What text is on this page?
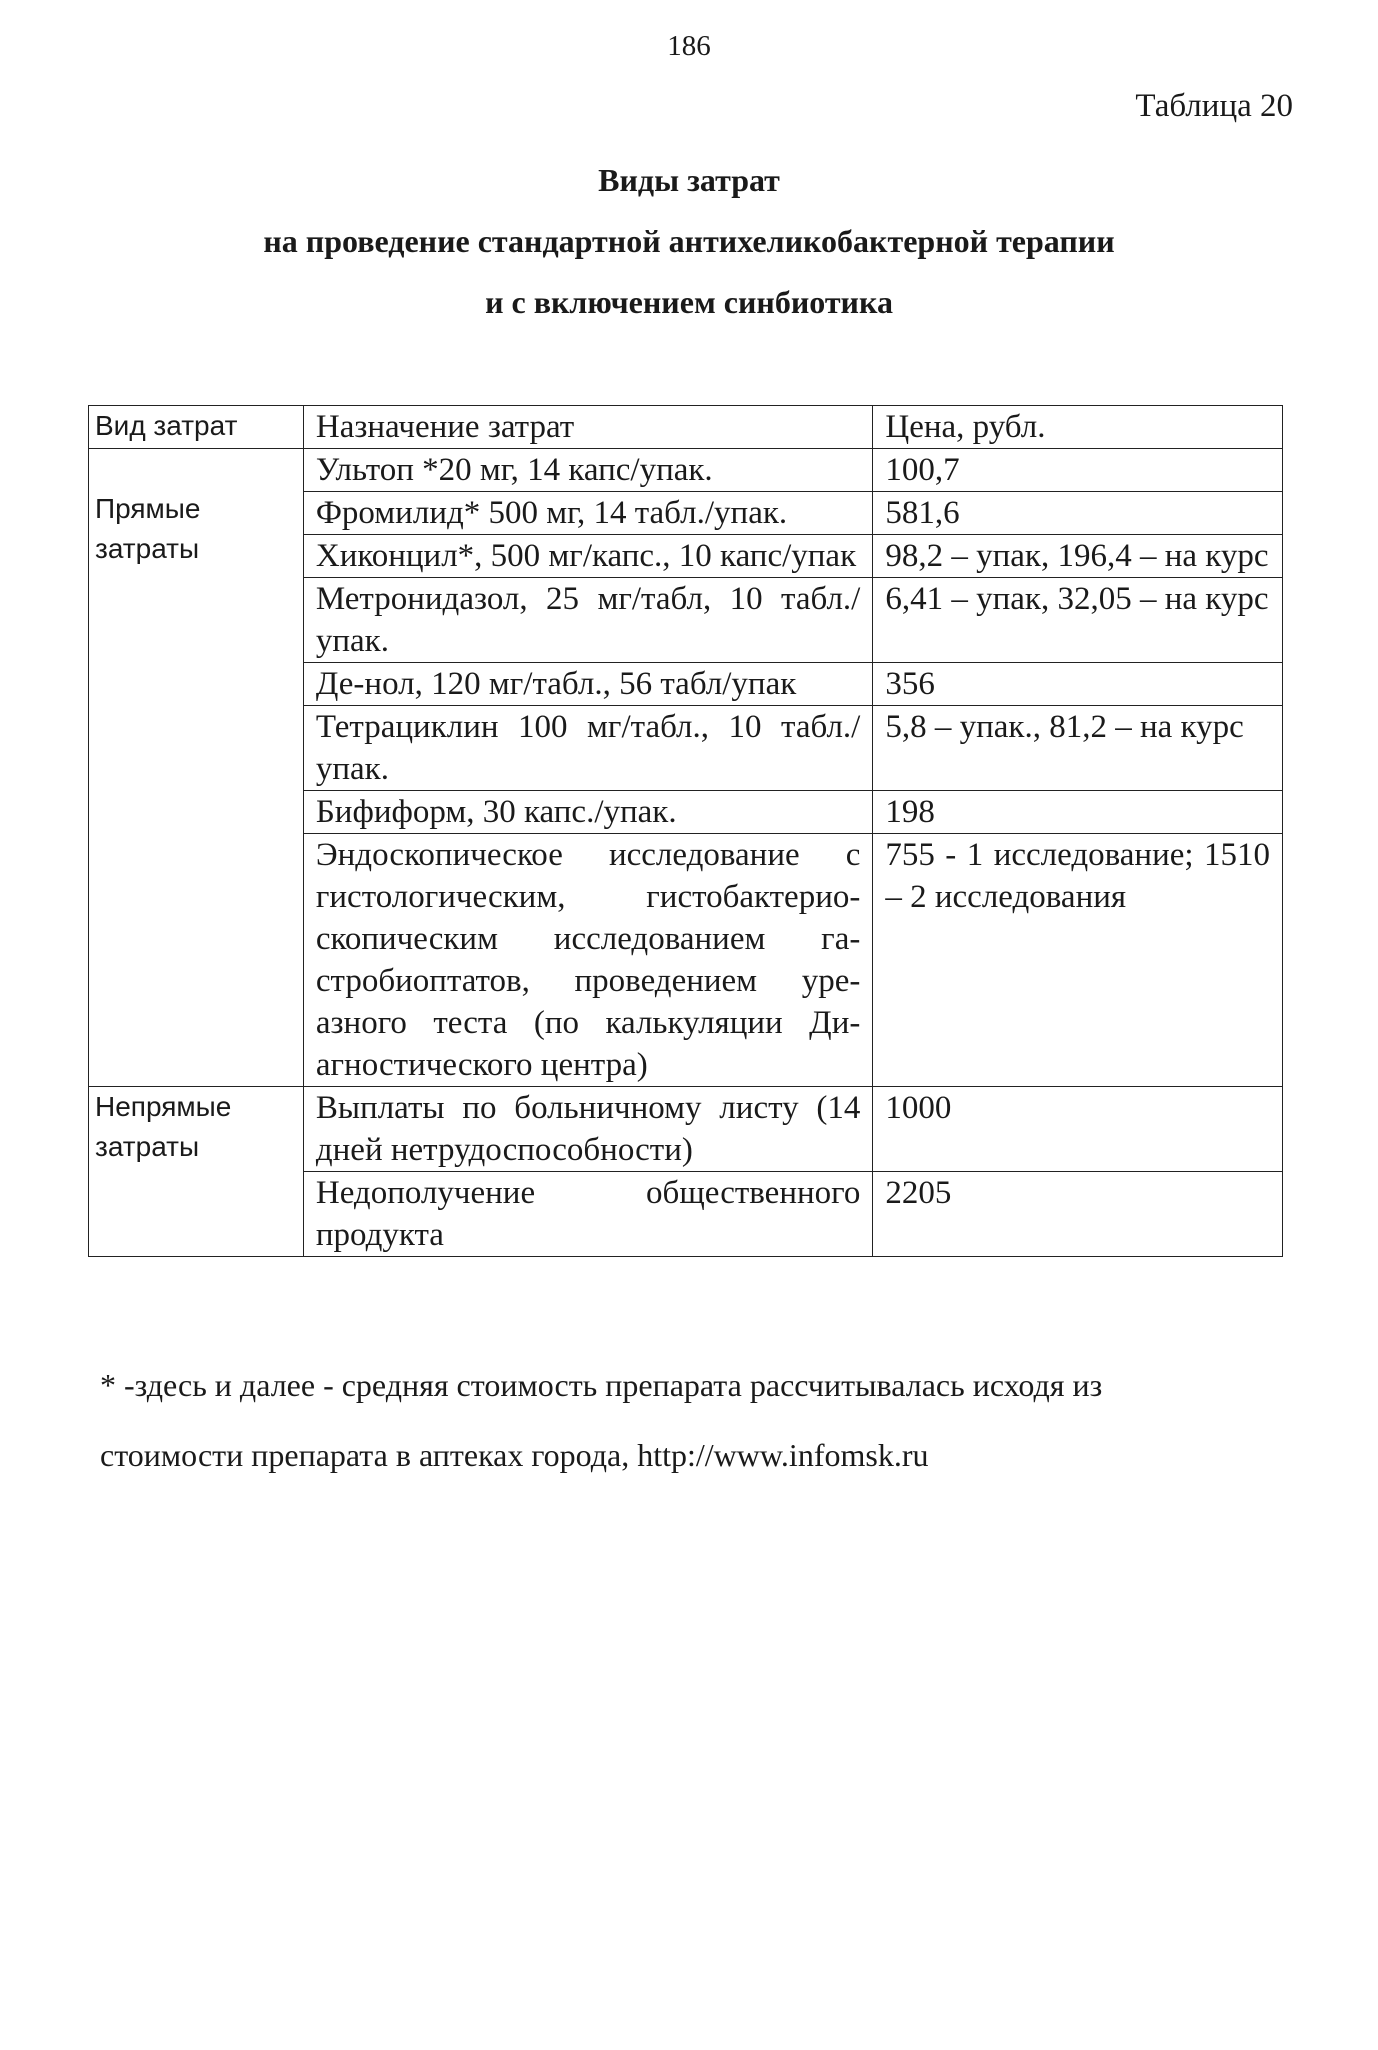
186
Таблица 20
Виды затрат
на проведение стандартной антихеликобактерной терапии
и с включением синбиотика
Вид затрат	Назначение затрат	Цена, рубл.
Прямые затраты	Ультоп *20 мг, 14 капс/упак.	100,7
	Фромилид* 500 мг, 14 табл./упак.	581,6
	Хиконцил*, 500 мг/капс., 10 капс/упак	98,2 – упак, 196,4 – на курс
	Метронидазол, 25 мг/табл, 10 табл./упак.	6,41 – упак, 32,05 – на курс
	Де-нол, 120 мг/табл., 56 табл/упак	356
	Тетрациклин 100 мг/табл., 10 табл./упак.	5,8 – упак., 81,2 – на курс
	Бифиформ, 30 капс./упак.	198
	Эндоскопическое исследование с гистологическим, гистобактериоскопическим исследованием гастробиоптатов, проведением уреазного теста (по калькуляции Диагностического центра)	755 - 1 исследование; 1510 – 2 исследования
Непрямые затраты	Выплаты по больничному листу (14 дней нетрудоспособности)	1000
	Недополучение общественного продукта	2205
* -здесь и далее - средняя стоимость препарата рассчитывалась исходя из
стоимости препарата в аптеках города, http://www.infomsk.ru
